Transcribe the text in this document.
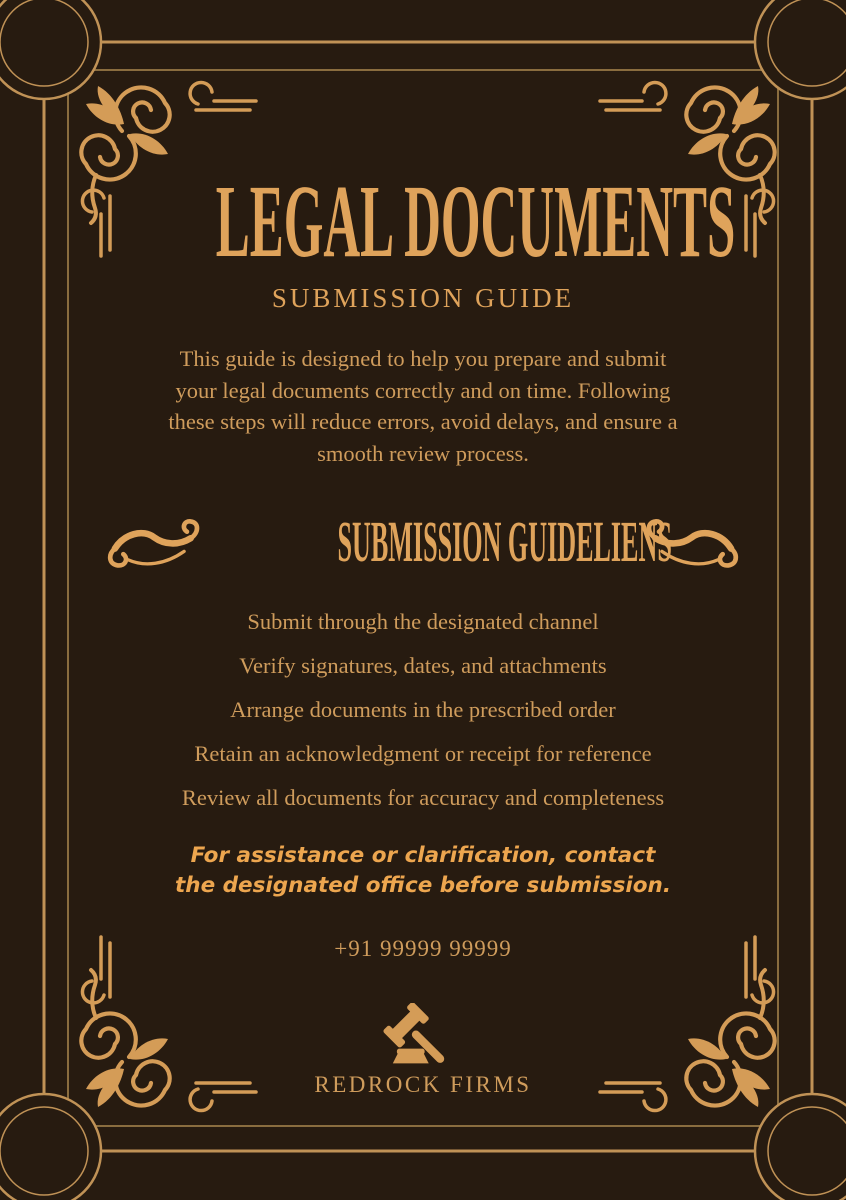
LEGAL DOCUMENTS
SUBMISSION GUIDE
This guide is designed to help you prepare and submit
your legal documents correctly and on time. Following
these steps will reduce errors, avoid delays, and ensure a
smooth review process.
SUBMISSION GUIDELIENS
Submit through the designated channel
Verify signatures, dates, and attachments
Arrange documents in the prescribed order
Retain an acknowledgment or receipt for reference
Review all documents for accuracy and completeness
For assistance or clarification, contact
the designated office before submission.
+91 99999 99999
REDROCK FIRMS
